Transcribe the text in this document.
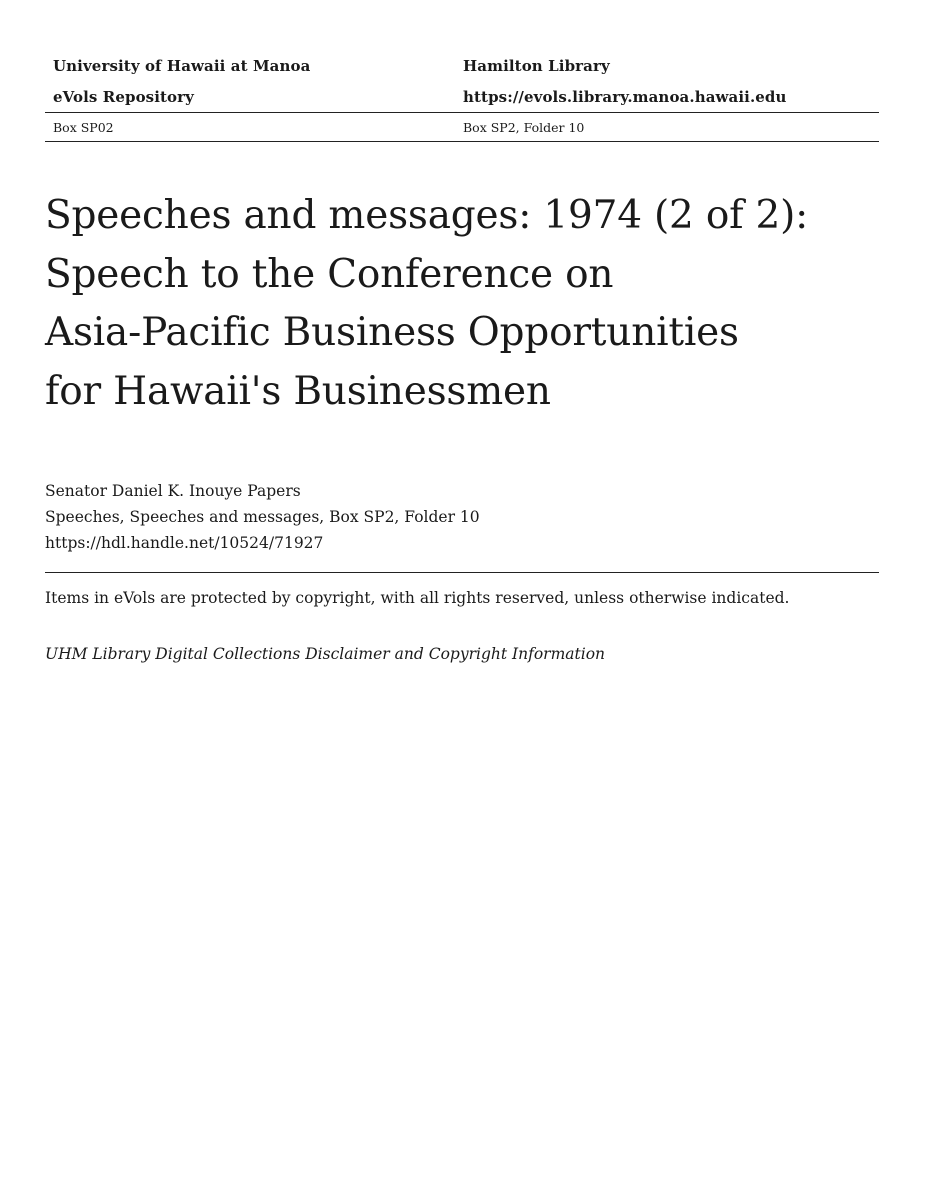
University of Hawaii at Manoa	Hamilton Library
eVols Repository	https://evols.library.manoa.hawaii.edu
Box SP02	Box SP2, Folder 10
Speeches and messages: 1974 (2 of 2):
Speech to the Conference on
Asia-Pacific Business Opportunities
for Hawaii's Businessmen
Senator Daniel K. Inouye Papers
Speeches, Speeches and messages, Box SP2, Folder 10
https://hdl.handle.net/10524/71927
Items in eVols are protected by copyright, with all rights reserved, unless otherwise indicated.
UHM Library Digital Collections Disclaimer and Copyright Information
